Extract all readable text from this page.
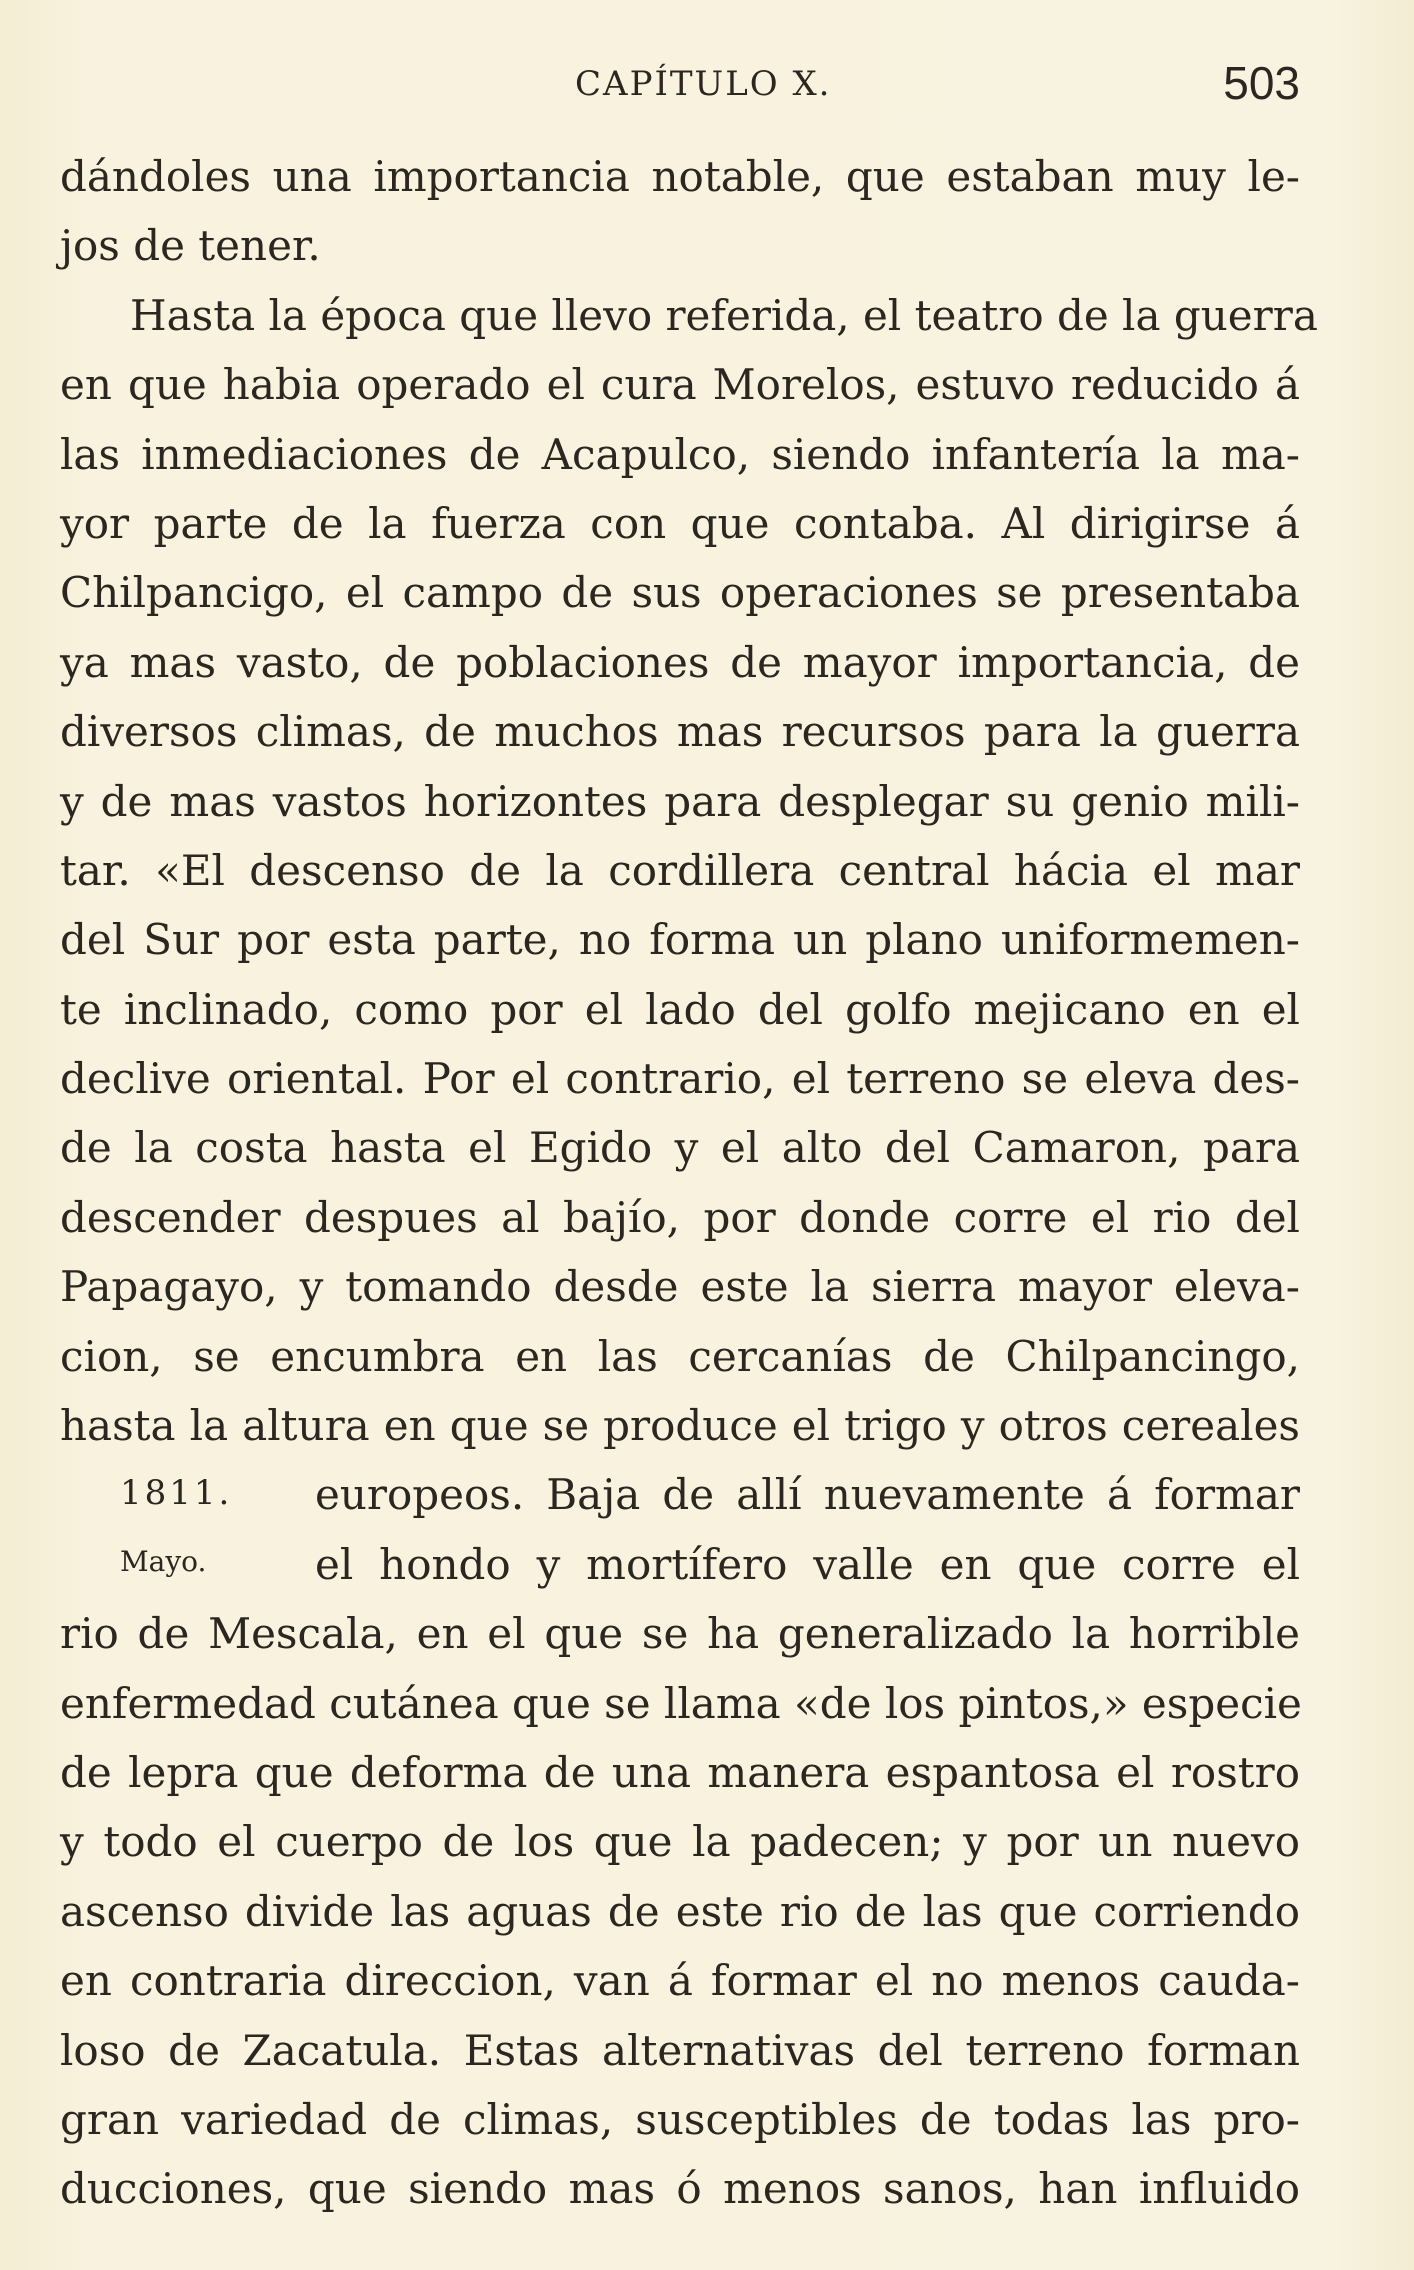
CAPÍTULO X.	503
dándoles una importancia notable, que estaban muy le-
jos de tener.
Hasta la época que llevo referida, el teatro de la guerra
en que habia operado el cura Morelos, estuvo reducido á
las inmediaciones de Acapulco, siendo infantería la ma-
yor parte de la fuerza con que contaba. Al dirigirse á
Chilpancigo, el campo de sus operaciones se presentaba
ya mas vasto, de poblaciones de mayor importancia, de
diversos climas, de muchos mas recursos para la guerra
y de mas vastos horizontes para desplegar su genio mili-
tar. «El descenso de la cordillera central hácia el mar
del Sur por esta parte, no forma un plano uniformemen-
te inclinado, como por el lado del golfo mejicano en el
declive oriental. Por el contrario, el terreno se eleva des-
de la costa hasta el Egido y el alto del Camaron, para
descender despues al bajío, por donde corre el rio del
Papagayo, y tomando desde este la sierra mayor eleva-
cion, se encumbra en las cercanías de Chilpancingo,
hasta la altura en que se produce el trigo y otros cereales
1811. europeos. Baja de allí nuevamente á formar
Mayo.	el hondo y mortífero valle en que corre el
rio de Mescala, en el que se ha generalizado la horrible
enfermedad cutánea que se llama «de los pintos,» especie
de lepra que deforma de una manera espantosa el rostro
y todo el cuerpo de los que la padecen; y por un nuevo
ascenso divide las aguas de este rio de las que corriendo
en contraria direccion, van á formar el no menos cauda-
loso de Zacatula. Estas alternativas del terreno forman
gran variedad de climas, susceptibles de todas las pro-
ducciones, que siendo mas ó menos sanos, han influido
